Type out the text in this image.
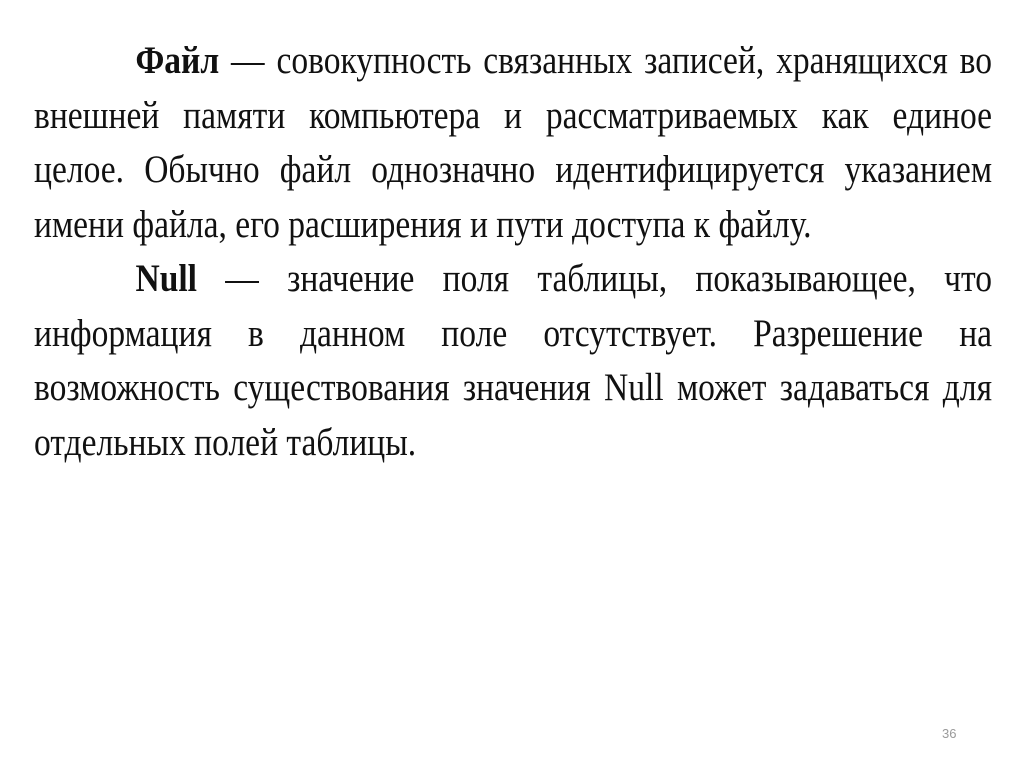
Файл — совокупность связанных записей, хранящихся во внешней памяти компьютера и рассматриваемых как единое целое. Обычно файл однозначно идентифицируется указанием имени файла, его расширения и пути доступа к файлу.

Null — значение поля таблицы, показывающее, что информация в данном поле отсутствует. Разрешение на возможность существования значения Null может задаваться для отдельных полей таблицы.

36
